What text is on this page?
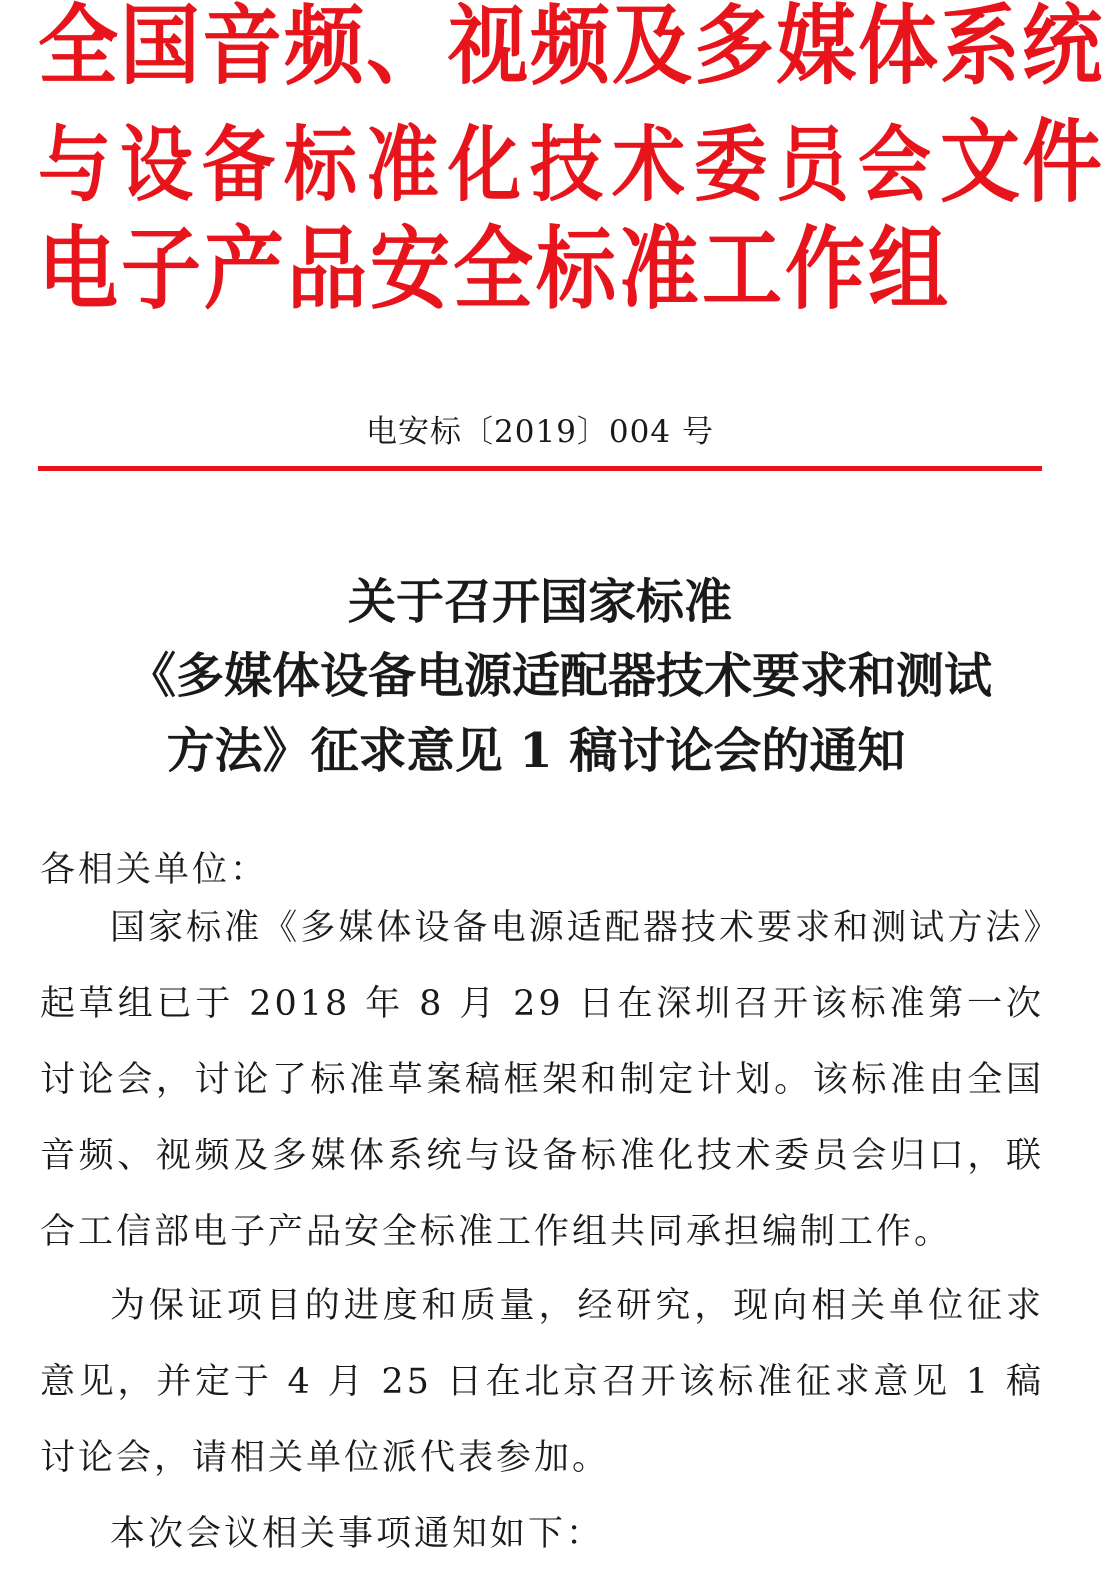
全国音频、视频及多媒体系统
与设备标准化技术委员会文件
电子产品安全标准工作组
电安标〔2019〕004 号
关于召开国家标准
《多媒体设备电源适配器技术要求和测试
方法》征求意见 1 稿讨论会的通知
各相关单位：

国家标准《多媒体设备电源适配器技术要求和测试方法》起草组已于 2018 年 8 月 29 日在深圳召开该标准第一次讨论会，讨论了标准草案稿框架和制定计划。该标准由全国音频、视频及多媒体系统与设备标准化技术委员会归口，联合工信部电子产品安全标准工作组共同承担编制工作。

为保证项目的进度和质量，经研究，现向相关单位征求意见，并定于 4 月 25 日在北京召开该标准征求意见 1 稿讨论会，请相关单位派代表参加。

本次会议相关事项通知如下：
